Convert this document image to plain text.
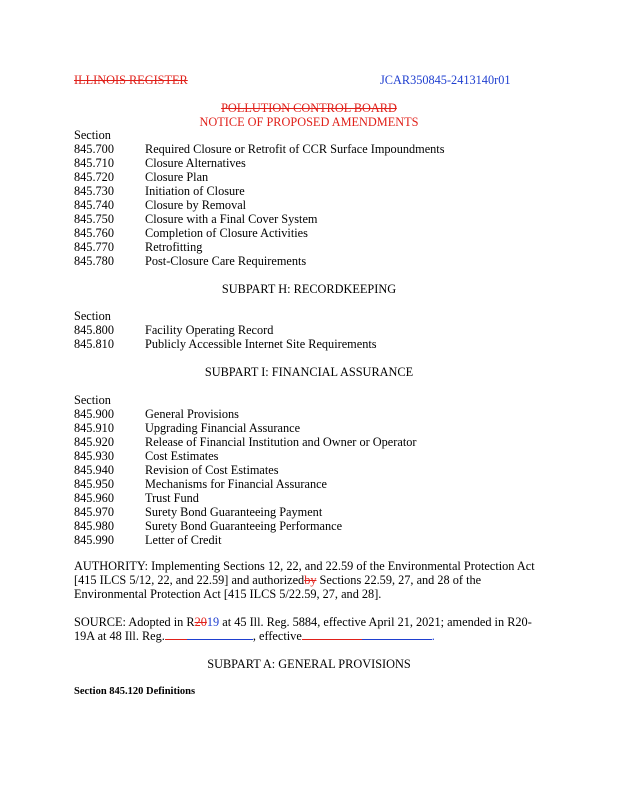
ILLINOIS REGISTER	JCAR350845-2413140r01
POLLUTION CONTROL BOARD
NOTICE OF PROPOSED AMENDMENTS
Section
845.700	Required Closure or Retrofit of CCR Surface Impoundments
845.710	Closure Alternatives
845.720	Closure Plan
845.730	Initiation of Closure
845.740	Closure by Removal
845.750	Closure with a Final Cover System
845.760	Completion of Closure Activities
845.770	Retrofitting
845.780	Post-Closure Care Requirements
SUBPART H: RECORDKEEPING
Section
845.800	Facility Operating Record
845.810	Publicly Accessible Internet Site Requirements
SUBPART I: FINANCIAL ASSURANCE
Section
845.900	General Provisions
845.910	Upgrading Financial Assurance
845.920	Release of Financial Institution and Owner or Operator
845.930	Cost Estimates
845.940	Revision of Cost Estimates
845.950	Mechanisms for Financial Assurance
845.960	Trust Fund
845.970	Surety Bond Guaranteeing Payment
845.980	Surety Bond Guaranteeing Performance
845.990	Letter of Credit
AUTHORITY: Implementing Sections 12, 22, and 22.59 of the Environmental Protection Act
[415 ILCS 5/12, 22, and 22.59] and authorizedby Sections 22.59, 27, and 28 of the
Environmental Protection Act [415 ILCS 5/22.59, 27, and 28].
SOURCE: Adopted in R2019 at 45 Ill. Reg. 5884, effective April 21, 2021; amended in R20-
19A at 48 Ill. Reg.	, effective	.
SUBPART A: GENERAL PROVISIONS
Section 845.120 Definitions
